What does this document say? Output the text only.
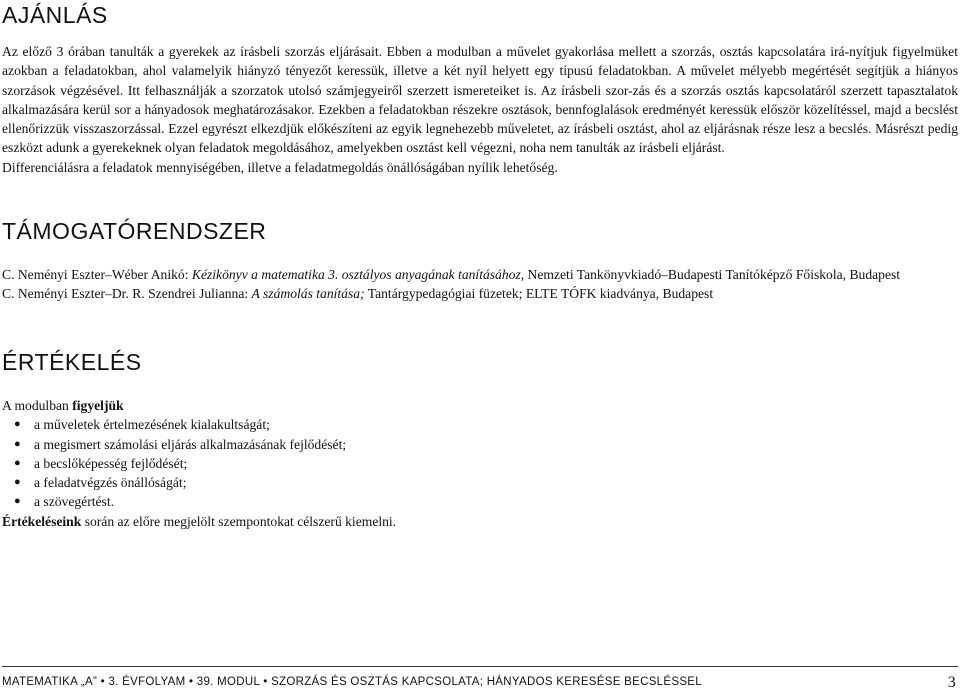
AJÁNLÁS

Az előző 3 órában tanulták a gyerekek az írásbeli szorzás eljárásait. Ebben a modulban a művelet gyakorlása mellett a szorzás, osztás kapcsolatára irá-nyítjuk figyelmüket azokban a feladatokban, ahol valamelyik hiányzó tényezőt keressük, illetve a két nyíl helyett egy típusú feladatokban. A művelet mélyebb megértését segítjük a hiányos szorzások végzésével. Itt felhasználják a szorzatok utolsó számjegyeiről szerzett ismereteiket is. Az írásbeli szor-zás és a szorzás osztás kapcsolatáról szerzett tapasztalatok alkalmazására kerül sor a hányadosok meghatározásakor. Ezekben a feladatokban részekre osztások, bennfoglalások eredményét keressük először közelítéssel, majd a becslést ellenőrizzük visszaszorzással. Ezzel egyrészt elkezdjük előkészíteni az egyik legnehezebb műveletet, az írásbeli osztást, ahol az eljárásnak része lesz a becslés. Másrészt pedig eszközt adunk a gyerekeknek olyan feladatok megoldásához, amelyekben osztást kell végezni, noha nem tanulták az írásbeli eljárást.

Differenciálásra a feladatok mennyiségében, illetve a feladatmegoldás önállóságában nyílik lehetőség.

TÁMOGATÓRENDSZER

C. Neményi Eszter–Wéber Anikó: Kézikönyv a matematika 3. osztályos anyagának tanításához, Nemzeti Tankönyvkiadó–Budapesti Tanítóképző Főiskola, Budapest

C. Neményi Eszter–Dr. R. Szendrei Julianna: A számolás tanítása; Tantárgypedagógiai füzetek; ELTE TÓFK kiadványa, Budapest

ÉRTÉKELÉS

A modulban figyeljük

● a műveletek értelmezésének kialakultságát;
● a megismert számolási eljárás alkalmazásának fejlődését;
● a becslőképesség fejlődését;
● a feladatvégzés önállóságát;
● a szövegértést.

Értékeléseink során az előre megjelölt szempontokat célszerű kiemelni.

MATEMATIKA „A” • 3. ÉVFOLYAM • 39. MODUL • SZORZÁS ÉS OSZTÁS KAPCSOLATA; HÁNYADOS KERESÉSE BECSLÉSSEL	3
